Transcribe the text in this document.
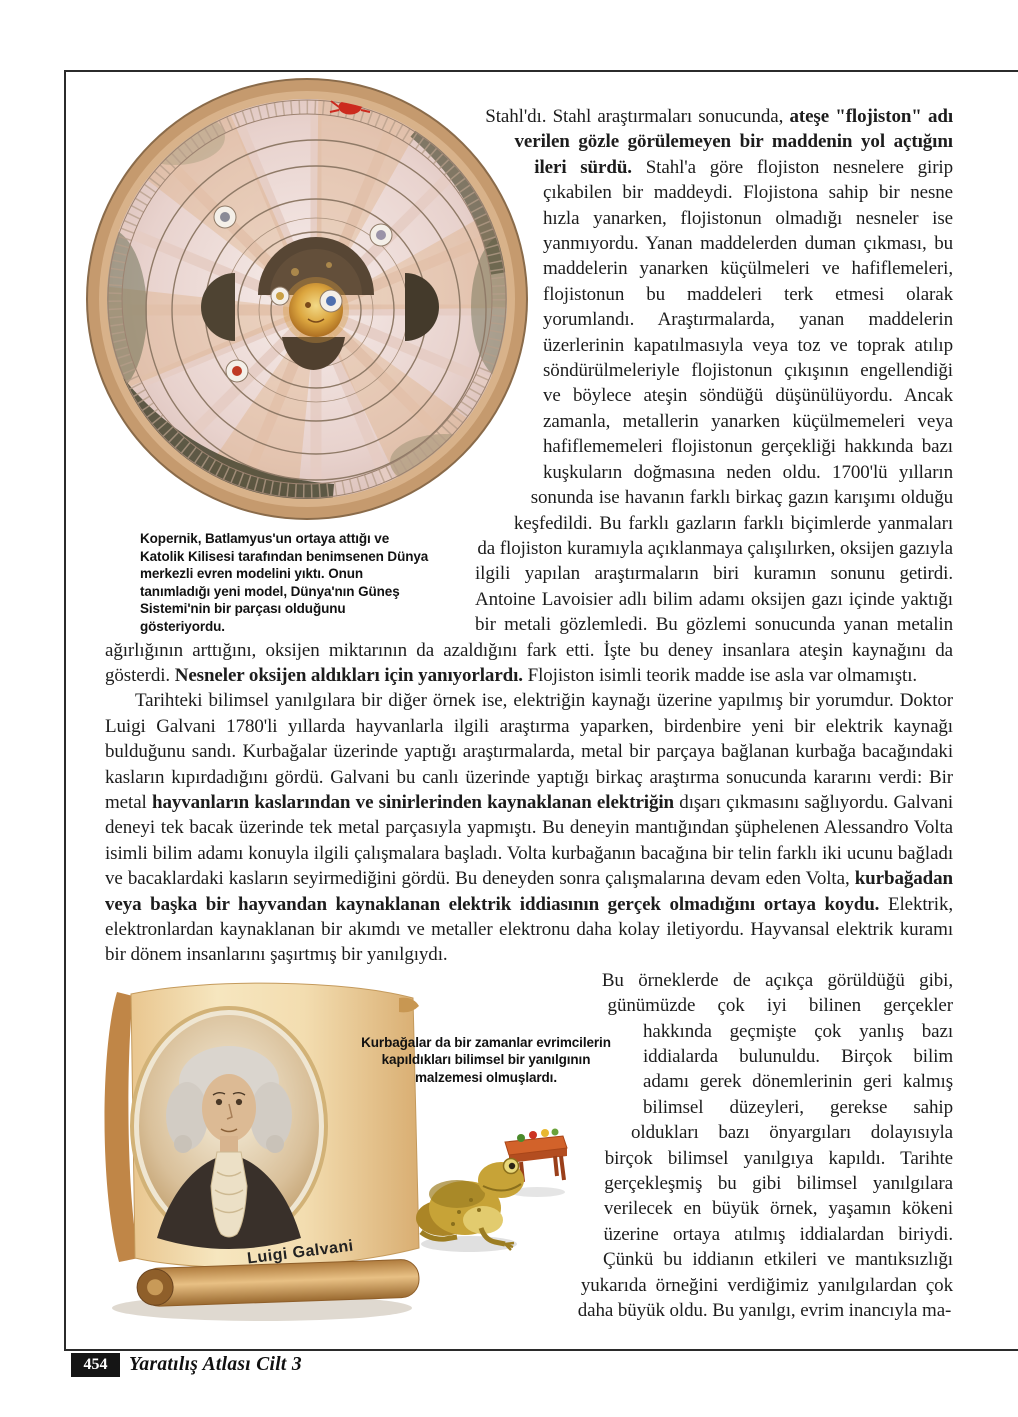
Kopernik, Batlamyus'un ortaya attığı ve Katolik Kilisesi tarafından benimsenen Dünya merkezli evren modelini yıktı. Onun tanımladığı yeni model, Dünya'nın Güneş Sistemi'nin bir parçası olduğunu gösteriyordu.

Stahl'dı. Stahl araştırmaları sonucunda, ateşe "flojiston" adı verilen gözle görülemeyen bir maddenin yol açtığını ileri sürdü. Stahl'a göre flojiston nesnelere girip çıkabilen bir maddeydi. Flojistona sahip bir nesne hızla yanarken, flojistonun olmadığı nesneler ise yanmıyordu. Yanan maddelerden duman çıkması, bu maddelerin yanarken küçülmeleri ve hafiflemeleri, flojistonun bu maddeleri terk etmesi olarak yorumlandı. Araştırmalarda, yanan maddelerin üzerlerinin kapatılmasıyla veya toz ve toprak atılıp söndürülmeleriyle flojistonun çıkışının engellendiği ve böylece ateşin söndüğü düşünülüyordu. Ancak zamanla, metallerin yanarken küçülmemeleri veya hafiflememeleri flojistonun gerçekliği hakkında bazı kuşkuların doğmasına neden oldu. 1700'lü yılların sonunda ise havanın farklı birkaç gazın karışımı olduğu keşfedildi. Bu farklı gazların farklı biçimlerde yanmaları da flojiston kuramıyla açıklanmaya çalışılırken, oksijen gazıyla ilgili yapılan araştırmaların biri kuramın sonunu getirdi. Antoine Lavoisier adlı bilim adamı oksijen gazı içinde yaktığı bir metali gözlemledi. Bu gözlemi sonucunda yanan metalin ağırlığının arttığını, oksijen miktarının da azaldığını fark etti. İşte bu deney insanlara ateşin kaynağını da gösterdi. Nesneler oksijen aldıkları için yanıyorlardı. Flojiston isimli teorik madde ise asla var olmamıştı.

Tarihteki bilimsel yanılgılara bir diğer örnek ise, elektriğin kaynağı üzerine yapılmış bir yorumdur. Doktor Luigi Galvani 1780'li yıllarda hayvanlarla ilgili araştırma yaparken, birdenbire yeni bir elektrik kaynağı bulduğunu sandı. Kurbağalar üzerinde yaptığı araştırmalarda, metal bir parçaya bağlanan kurbağa bacağındaki kasların kıpırdadığını gördü. Galvani bu canlı üzerinde yaptığı birkaç araştırma sonucunda kararını verdi: Bir metal hayvanların kaslarından ve sinirlerinden kaynaklanan elektriğin dışarı çıkmasını sağlıyordu. Galvani deneyi tek bacak üzerinde tek metal parçasıyla yapmıştı. Bu deneyin mantığından şüphelenen Alessandro Volta isimli bilim adamı konuyla ilgili çalışmalara başladı. Volta kurbağanın bacağına bir telin farklı iki ucunu bağladı ve bacaklardaki kasların seyirmediğini gördü. Bu deneyden sonra çalışmalarına devam eden Volta, kurbağadan veya başka bir hayvandan kaynaklanan elektrik iddiasının gerçek olmadığını ortaya koydu. Elektrik, elektronlardan kaynaklanan bir akımdı ve metaller elektronu daha kolay iletiyordu. Hayvansal elektrik kuramı bir dönem insanlarını şaşırtmış bir yanılgıydı.

Kurbağalar da bir zamanlar evrimcilerin kapıldıkları bilimsel bir yanılgının malzemesi olmuşlardı.
Luigi Galvani

Bu örneklerde de açıkça görüldüğü gibi, günümüzde çok iyi bilinen gerçekler hakkında geçmişte çok yanlış bazı iddialarda bulunuldu. Birçok bilim adamı gerek dönemlerinin geri kalmış bilimsel düzeyleri, gerekse sahip oldukları bazı önyargıları dolayısıyla birçok bilimsel yanılgıya kapıldı. Tarihte gerçekleşmiş bu gibi bilimsel yanılgılara verilecek en büyük örnek, yaşamın kökeni üzerine ortaya atılmış iddialardan biriydi. Çünkü bu iddianın etkileri ve mantıksızlığı yukarıda örneğini verdiğimiz yanılgılardan çok daha büyük oldu. Bu yanılgı, evrim inancıyla ma-

454	Yaratılış Atlası Cilt 3
